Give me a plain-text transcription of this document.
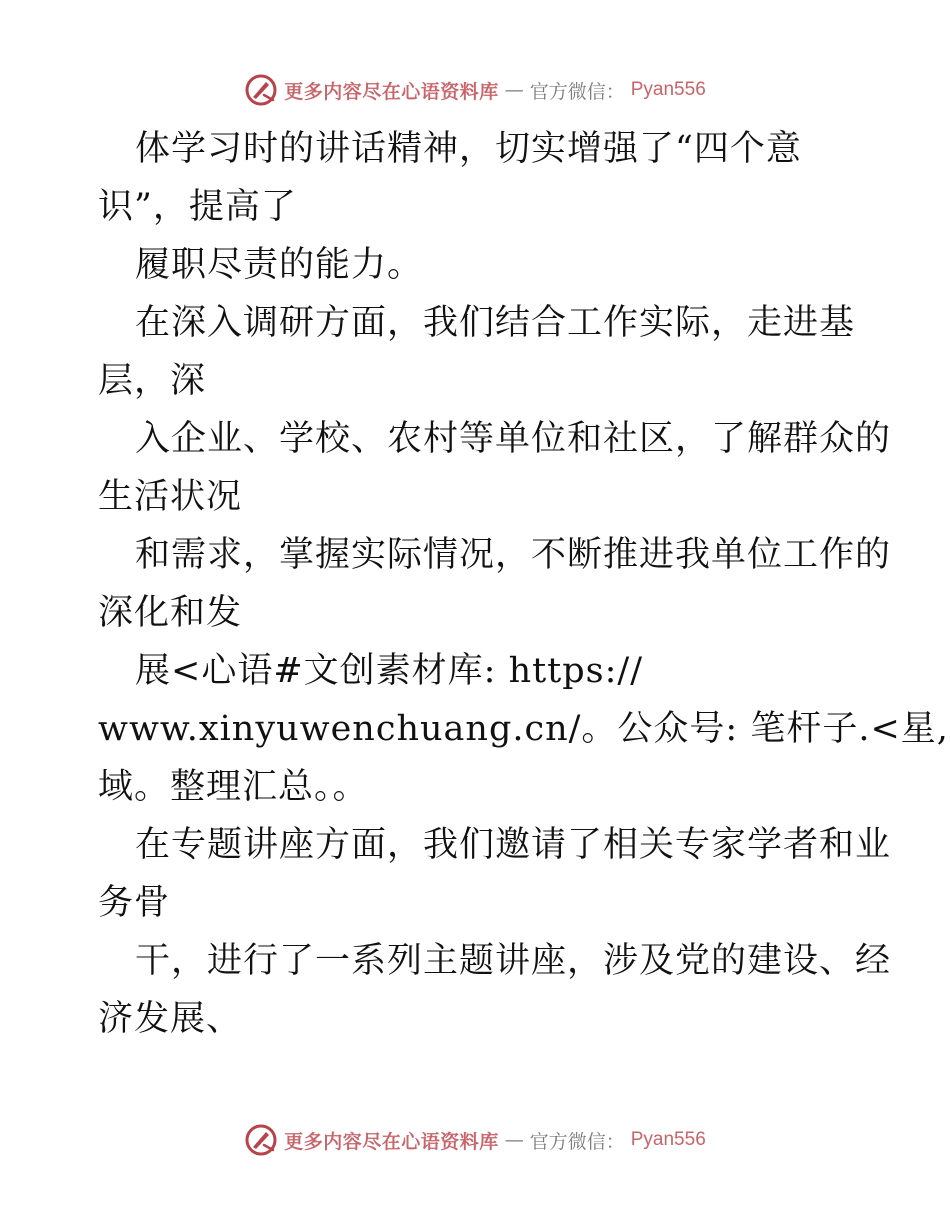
更多内容尽在心语资料库 — 官方微信： Pyan556
体学习时的讲话精神，切实增强了“四个意
识”，提高了
履职尽责的能力。
在深入调研方面，我们结合工作实际，走进基
层，深
入企业、学校、农村等单位和社区，了解群众的
生活状况
和需求，掌握实际情况，不断推进我单位工作的
深化和发
展<心语#文创素材库: https://
www.xinyuwenchuang.cn/。公众号: 笔杆子.<星,
域。整理汇总。。
在专题讲座方面，我们邀请了相关专家学者和业
务骨
干，进行了一系列主题讲座，涉及党的建设、经
济发展、
更多内容尽在心语资料库 — 官方微信： Pyan556
